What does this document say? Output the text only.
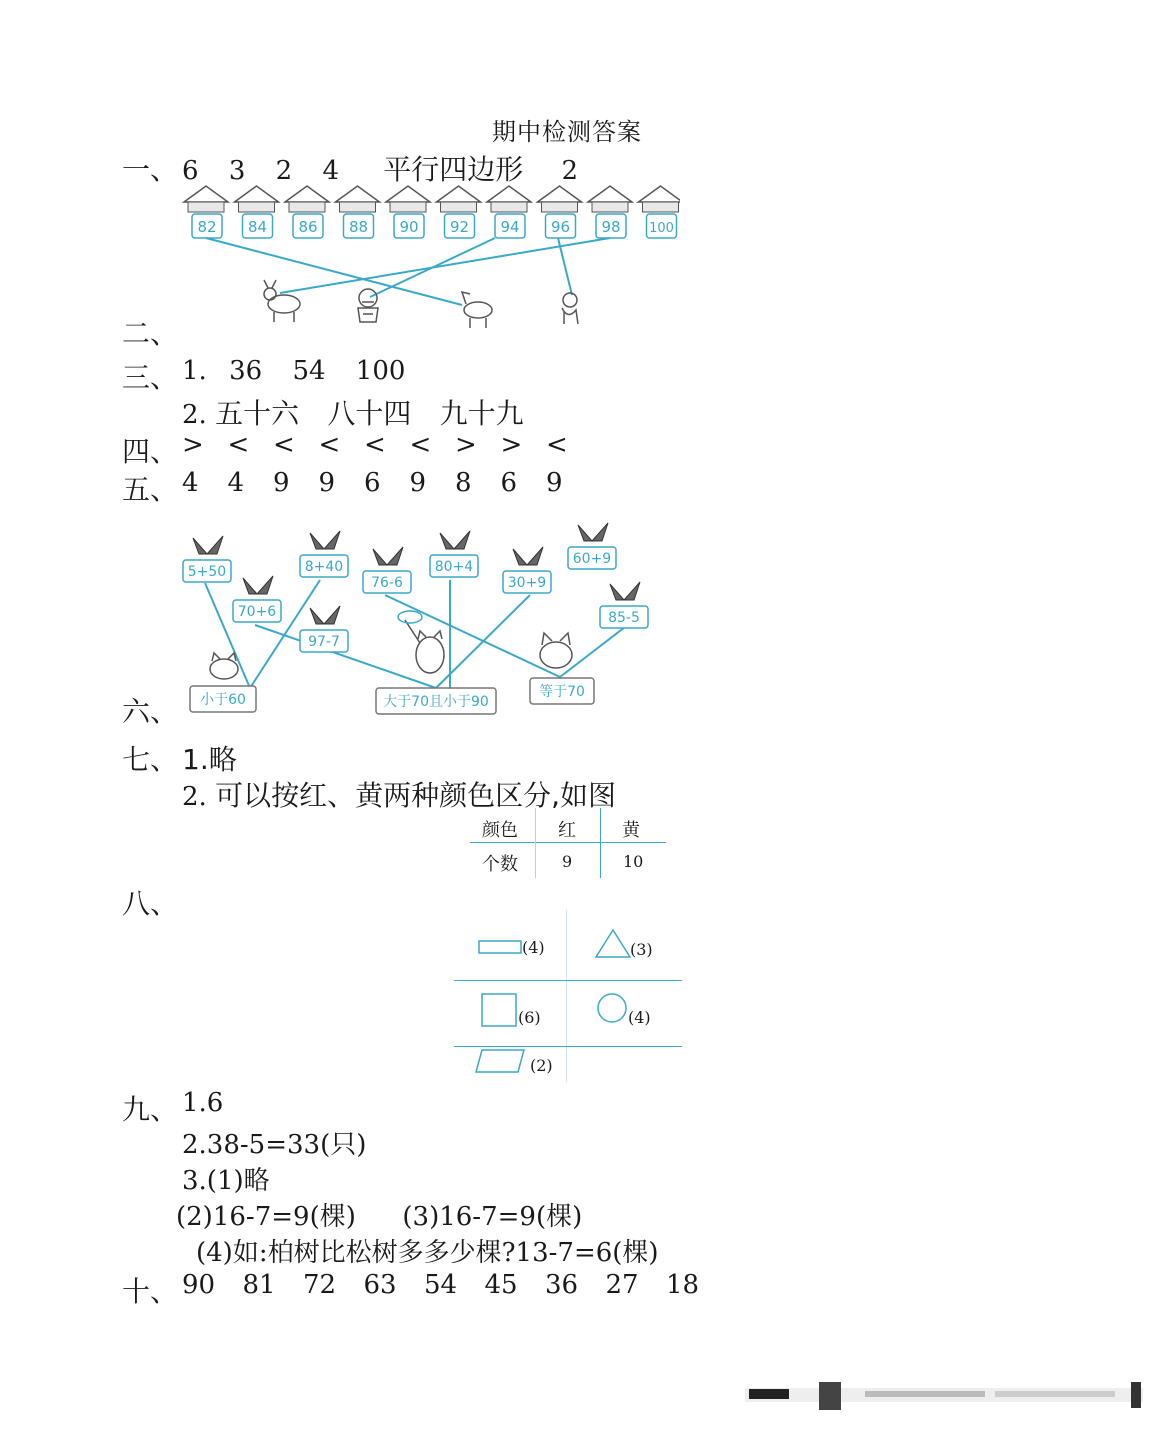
期中检测答案
一、 6 3 2 4 平行四边形 2
82 84 86 88 90 92 94 96 98 100
二、
三、 1. 36 54 100
2. 五十六 八十四 九十九
四、 > < < < < < > > <
五、 4 4 9 9 6 9 8 6 9
5+50
70+6
8+40
97-7
76-6
80+4
30+9
60+9
85-5
小于60	大于70且小于90
等于70
六、
七、 1.略
2. 可以按红、黄两种颜色区分,如图
颜色 红	黄
个数	9	10
八、
(4)	(3)
(6)	(4)
(2)
九、 1.6
2.38-5=33(只)
3.(1)略
(2)16-7=9(棵) (3)16-7=9(棵)
(4)如:柏树比松树多多少棵?13-7=6(棵)
十、 90 81 72 63 54 45 36 27 18
